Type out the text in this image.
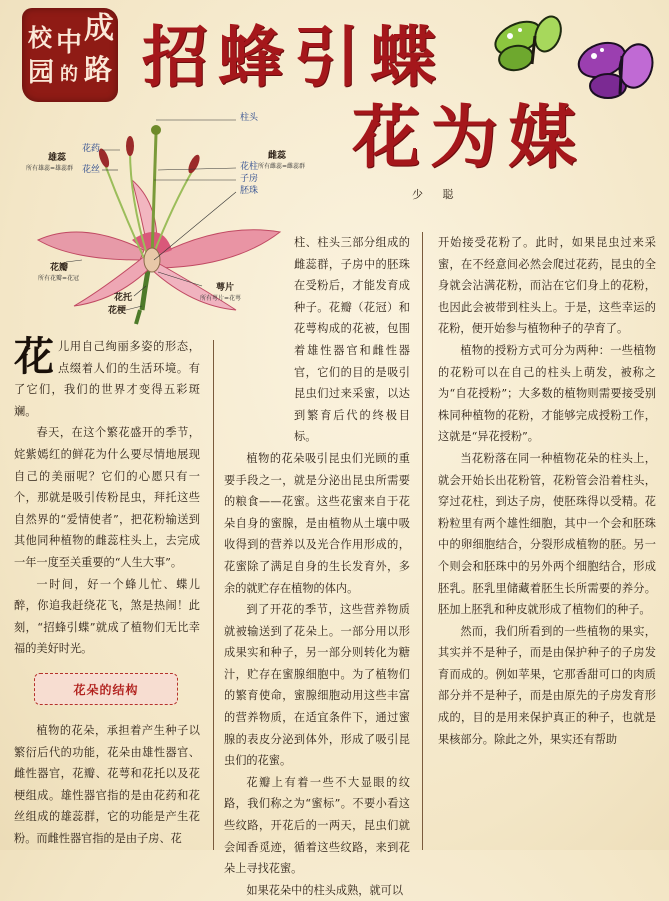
校 中 成
园 的 路 招蜂引蝶
花为媒
少 聪
柱头
花药
花丝
雄蕊
所有雄蕊=雄蕊群	花柱
子房
胚珠
雌蕊
所有雌蕊=雌蕊群
花瓣
所有花瓣=花冠
花托
花梗
萼片
所有萼片=花萼

花儿用自己绚丽多姿的形态，点缀着人们的生活环境。有了它们，我们的世界才变得五彩斑斓。

春天，在这个繁花盛开的季节，姹紫嫣红的鲜花为什么要尽情地展现自己的美丽呢？它们的心愿只有一个，那就是吸引传粉昆虫，拜托这些自然界的“爱情使者”，把花粉输送到其他同种植物的雌蕊柱头上，去完成一年一度至关重要的“人生大事”。

一时间，好一个蜂儿忙、蝶儿醉，你追我赶绕花飞，煞是热闹！此刻，“招蜂引蝶”就成了植物们无比幸福的美好时光。

花朵的结构

植物的花朵，承担着产生种子以繁衍后代的功能，花朵由雄性器官、雌性器官，花瓣、花萼和花托以及花梗组成。雄性器官指的是由花药和花丝组成的雄蕊群，它的功能是产生花粉。而雌性器官指的是由子房、花

柱、柱头三部分组成的雌蕊群，子房中的胚珠在受粉后，才能发育成种子。花瓣（花冠）和花萼构成的花被，包围着雄性器官和雌性器官，它们的目的是吸引昆虫们过来采蜜，以达到繁育后代的终极目标。

植物的花朵吸引昆虫们光顾的重要手段之一，就是分泌出昆虫所需要的粮食——花蜜。这些花蜜来自于花朵自身的蜜腺，是由植物从土壤中吸收得到的营养以及光合作用形成的，花蜜除了满足自身的生长发育外，多余的就贮存在植物的体内。

到了开花的季节，这些营养物质就被输送到了花朵上。一部分用以形成果实和种子，另一部分则转化为糖汁，贮存在蜜腺细胞中。为了植物们的繁育使命，蜜腺细胞动用这些丰富的营养物质，在适宜条件下，通过蜜腺的表皮分泌到体外，形成了吸引昆虫们的花蜜。

花瓣上有着一些不大显眼的纹路，我们称之为“蜜标”。不要小看这些纹路，开花后的一两天，昆虫们就会闻香觅迹，循着这些纹路，来到花朵上寻找花蜜。

如果花朵中的柱头成熟，就可以

开始接受花粉了。此时，如果昆虫过来采蜜，在不经意间必然会爬过花药，昆虫的全身就会沾满花粉，而沾在它们身上的花粉，也因此会被带到柱头上。于是，这些幸运的花粉，便开始参与植物种子的孕育了。

植物的授粉方式可分为两种：一些植物的花粉可以在自己的柱头上萌发，被称之为“自花授粉”；大多数的植物则需要接受别株同种植物的花粉，才能够完成授粉工作，这就是“异花授粉”。

当花粉落在同一种植物花朵的柱头上，就会开始长出花粉管，花粉管会沿着柱头，穿过花柱，到达子房，使胚珠得以受精。花粉粒里有两个雄性细胞，其中一个会和胚珠中的卵细胞结合，分裂形成植物的胚。另一个则会和胚珠中的另外两个细胞结合，形成胚乳。胚乳里储藏着胚生长所需要的养分。胚加上胚乳和种皮就形成了植物们的种子。

然而，我们所看到的一些植物的果实，其实并不是种子，而是由保护种子的子房发育而成的。例如苹果，它那香甜可口的肉质部分并不是种子，而是由原先的子房发育形成的，目的是用来保护真正的种子，也就是果核部分。除此之外，果实还有帮助
